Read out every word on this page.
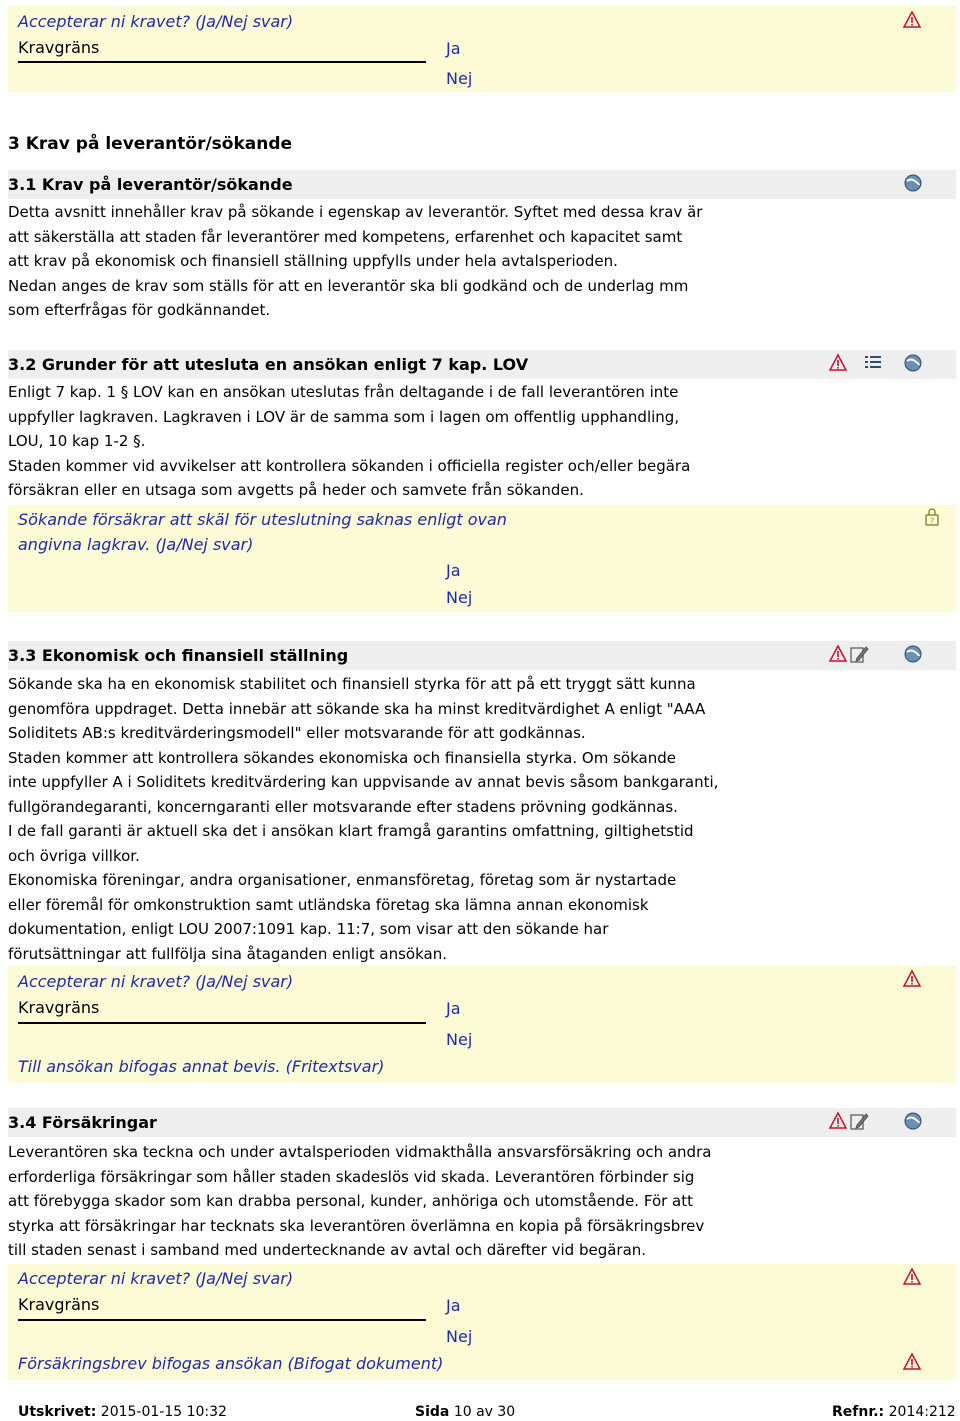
Accepterar ni kravet? (Ja/Nej svar)
Kravgräns	Ja
Nej
3 Krav på leverantör/sökande
3.1 Krav på leverantör/sökande
Detta avsnitt innehåller krav på sökande i egenskap av leverantör. Syftet med dessa krav är
att säkerställa att staden får leverantörer med kompetens, erfarenhet och kapacitet samt
att krav på ekonomisk och finansiell ställning uppfylls under hela avtalsperioden.
Nedan anges de krav som ställs för att en leverantör ska bli godkänd och de underlag mm
som efterfrågas för godkännandet.
3.2 Grunder för att utesluta en ansökan enligt 7 kap. LOV
Enligt 7 kap. 1 § LOV kan en ansökan uteslutas från deltagande i de fall leverantören inte
uppfyller lagkraven. Lagkraven i LOV är de samma som i lagen om offentlig upphandling,
LOU, 10 kap 1-2 §.
Staden kommer vid avvikelser att kontrollera sökanden i officiella register och/eller begära
försäkran eller en utsaga som avgetts på heder och samvete från sökanden.
Sökande försäkrar att skäl för uteslutning saknas enligt ovan
angivna lagkrav. (Ja/Nej svar)
Ja
Nej
?
3.3 Ekonomisk och finansiell ställning
Sökande ska ha en ekonomisk stabilitet och finansiell styrka för att på ett tryggt sätt kunna
genomföra uppdraget. Detta innebär att sökande ska ha minst kreditvärdighet A enligt "AAA
Soliditets AB:s kreditvärderingsmodell" eller motsvarande för att godkännas.
Staden kommer att kontrollera sökandes ekonomiska och finansiella styrka. Om sökande
inte uppfyller A i Soliditets kreditvärdering kan uppvisande av annat bevis såsom bankgaranti,
fullgörandegaranti, koncerngaranti eller motsvarande efter stadens prövning godkännas.
I de fall garanti är aktuell ska det i ansökan klart framgå garantins omfattning, giltighetstid
och övriga villkor.
Ekonomiska föreningar, andra organisationer, enmansföretag, företag som är nystartade
eller föremål för omkonstruktion samt utländska företag ska lämna annan ekonomisk
dokumentation, enligt LOU 2007:1091 kap. 11:7, som visar att den sökande har
förutsättningar att fullfölja sina åtaganden enligt ansökan.
Accepterar ni kravet? (Ja/Nej svar)
Kravgräns	Ja
Nej
Till ansökan bifogas annat bevis. (Fritextsvar)
3.4 Försäkringar
Leverantören ska teckna och under avtalsperioden vidmakthålla ansvarsförsäkring och andra
erforderliga försäkringar som håller staden skadeslös vid skada. Leverantören förbinder sig
att förebygga skador som kan drabba personal, kunder, anhöriga och utomstående. För att
styrka att försäkringar har tecknats ska leverantören överlämna en kopia på försäkringsbrev
till staden senast i samband med undertecknande av avtal och därefter vid begäran.
Accepterar ni kravet? (Ja/Nej svar)
Kravgräns	Ja
Nej
Försäkringsbrev bifogas ansökan (Bifogat dokument)
Utskrivet: 2015-01-15 10:32	Sida 10 av 30	Refnr.: 2014:212
